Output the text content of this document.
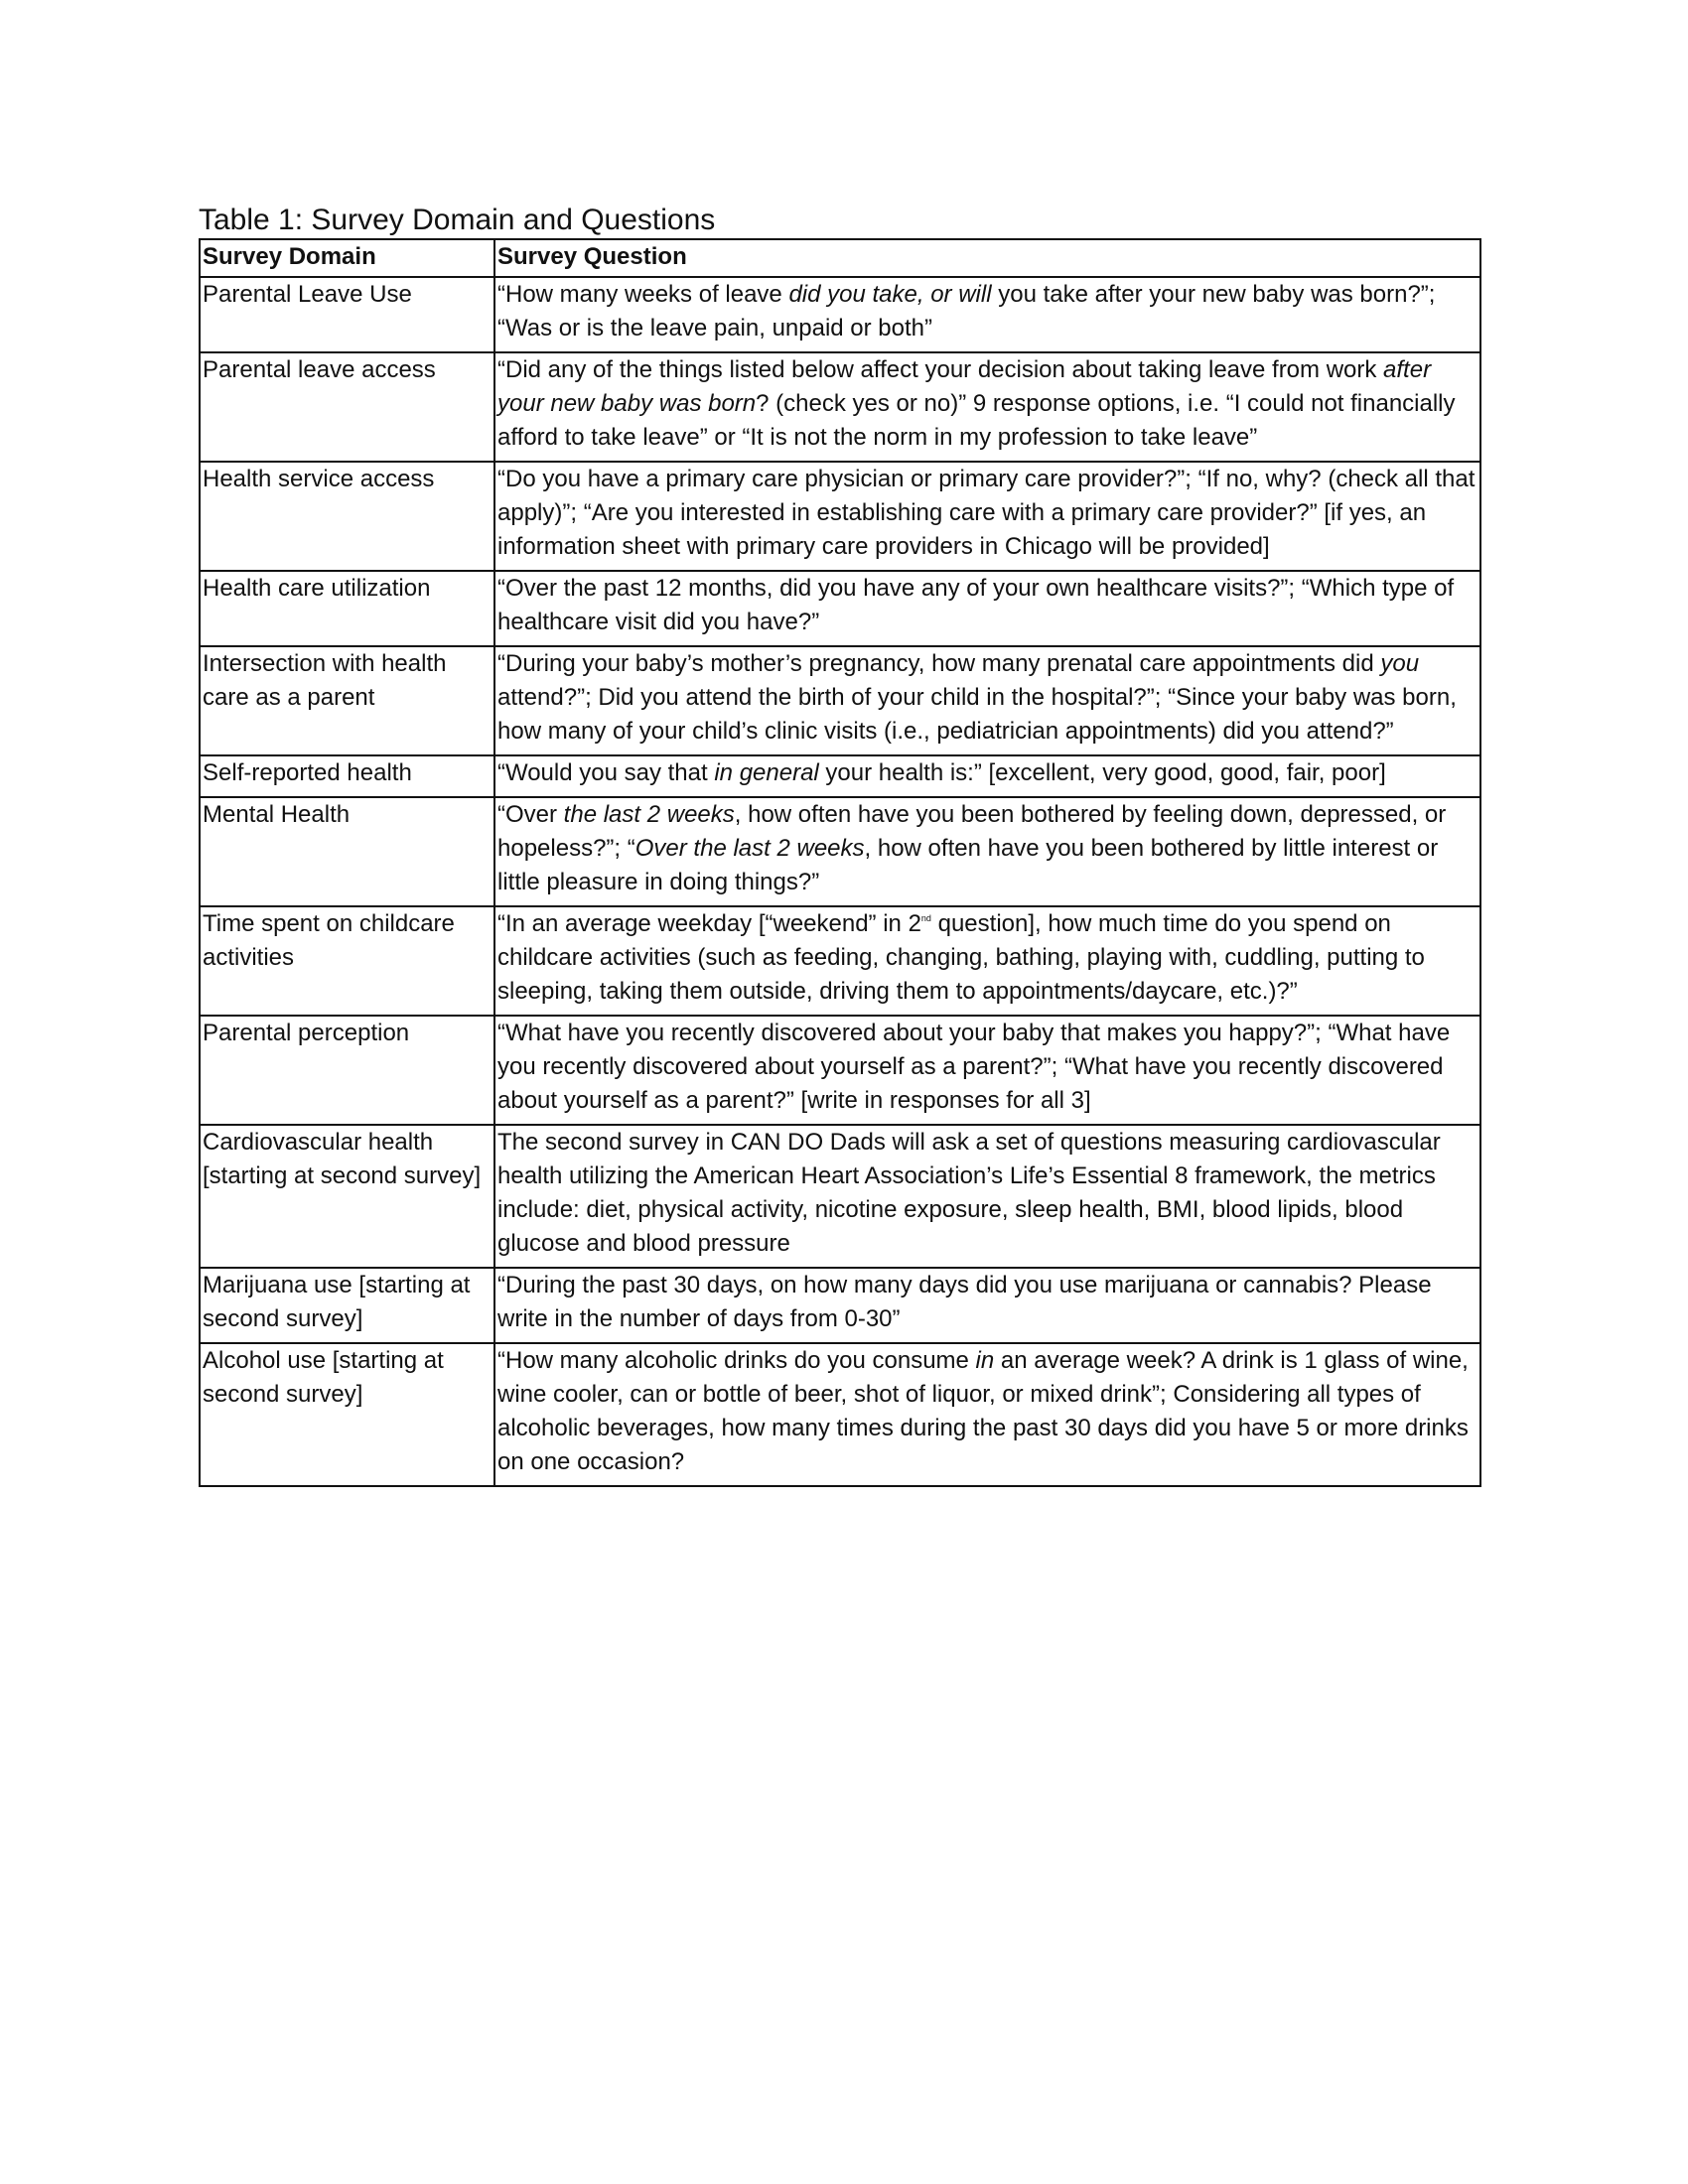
Table 1: Survey Domain and Questions
Survey Domain	Survey Question
Parental Leave Use	“How many weeks of leave did you take, or will you take after your new baby was born?”; “Was or is the leave pain, unpaid or both”
Parental leave access	“Did any of the things listed below affect your decision about taking leave from work after your new baby was born? (check yes or no)” 9 response options, i.e. “I could not financially afford to take leave” or “It is not the norm in my profession to take leave”
Health service access	“Do you have a primary care physician or primary care provider?”; “If no, why? (check all that apply)”; “Are you interested in establishing care with a primary care provider?” [if yes, an information sheet with primary care providers in Chicago will be provided]
Health care utilization	“Over the past 12 months, did you have any of your own healthcare visits?”; “Which type of healthcare visit did you have?”
Intersection with health care as a parent	“During your baby’s mother’s pregnancy, how many prenatal care appointments did you attend?”; Did you attend the birth of your child in the hospital?”; “Since your baby was born, how many of your child’s clinic visits (i.e., pediatrician appointments) did you attend?”
Self-reported health	“Would you say that in general your health is:” [excellent, very good, good, fair, poor]
Mental Health	“Over the last 2 weeks, how often have you been bothered by feeling down, depressed, or hopeless?”; “Over the last 2 weeks, how often have you been bothered by little interest or little pleasure in doing things?”
Time spent on childcare activities	“In an average weekday [“weekend” in 2nd question], how much time do you spend on childcare activities (such as feeding, changing, bathing, playing with, cuddling, putting to sleeping, taking them outside, driving them to appointments/daycare, etc.)?”
Parental perception	“What have you recently discovered about your baby that makes you happy?”; “What have you recently discovered about yourself as a parent?”; “What have you recently discovered about yourself as a parent?” [write in responses for all 3]
Cardiovascular health [starting at second survey]	The second survey in CAN DO Dads will ask a set of questions measuring cardiovascular health utilizing the American Heart Association’s Life’s Essential 8 framework, the metrics include: diet, physical activity, nicotine exposure, sleep health, BMI, blood lipids, blood glucose and blood pressure
Marijuana use [starting at second survey]	“During the past 30 days, on how many days did you use marijuana or cannabis? Please write in the number of days from 0-30”
Alcohol use [starting at second survey]	“How many alcoholic drinks do you consume in an average week? A drink is 1 glass of wine, wine cooler, can or bottle of beer, shot of liquor, or mixed drink”; Considering all types of alcoholic beverages, how many times during the past 30 days did you have 5 or more drinks on one occasion?
